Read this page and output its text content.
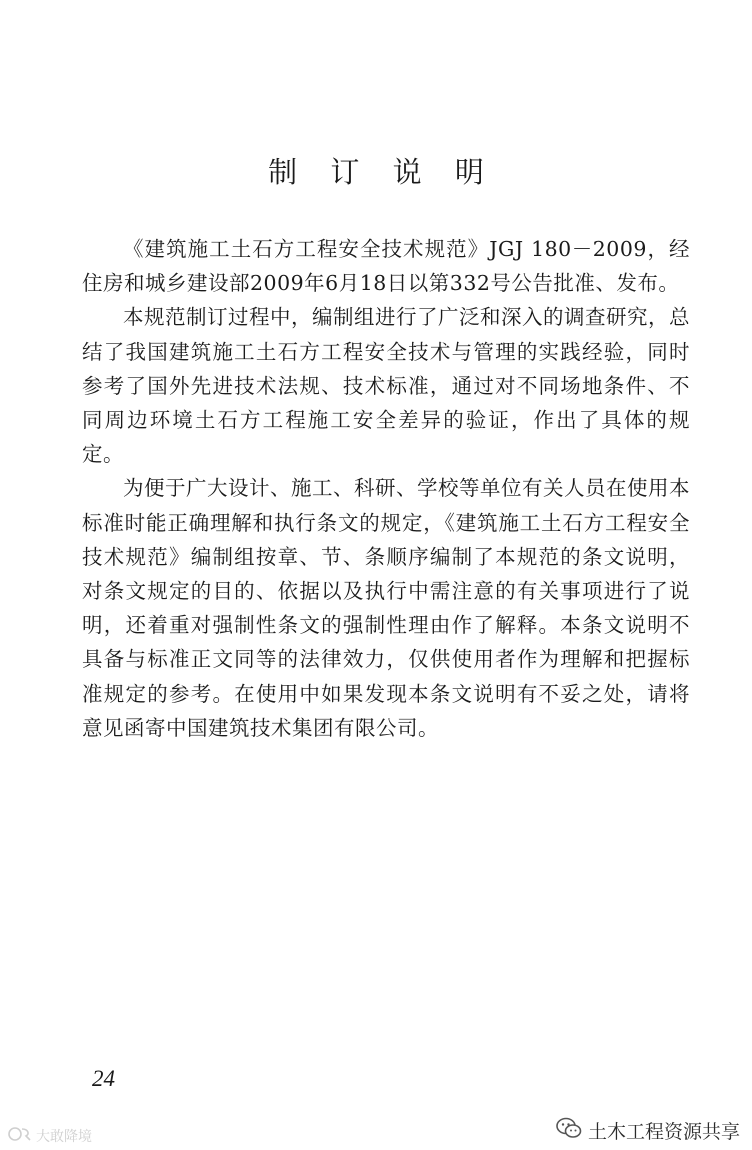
制 订 说 明

《建筑施工土石方工程安全技术规范》JGJ 180－2009，经住房和城乡建设部2009年6月18日以第332号公告批准、发布。

本规范制订过程中，编制组进行了广泛和深入的调查研究，总结了我国建筑施工土石方工程安全技术与管理的实践经验，同时参考了国外先进技术法规、技术标准，通过对不同场地条件、不同周边环境土石方工程施工安全差异的验证，作出了具体的规定。

为便于广大设计、施工、科研、学校等单位有关人员在使用本标准时能正确理解和执行条文的规定，《建筑施工土石方工程安全技术规范》编制组按章、节、条顺序编制了本规范的条文说明，对条文规定的目的、依据以及执行中需注意的有关事项进行了说明，还着重对强制性条文的强制性理由作了解释。本条文说明不具备与标准正文同等的法律效力，仅供使用者作为理解和把握标准规定的参考。在使用中如果发现本条文说明有不妥之处，请将意见函寄中国建筑技术集团有限公司。

24
土木工程资源共享
大敢降境
